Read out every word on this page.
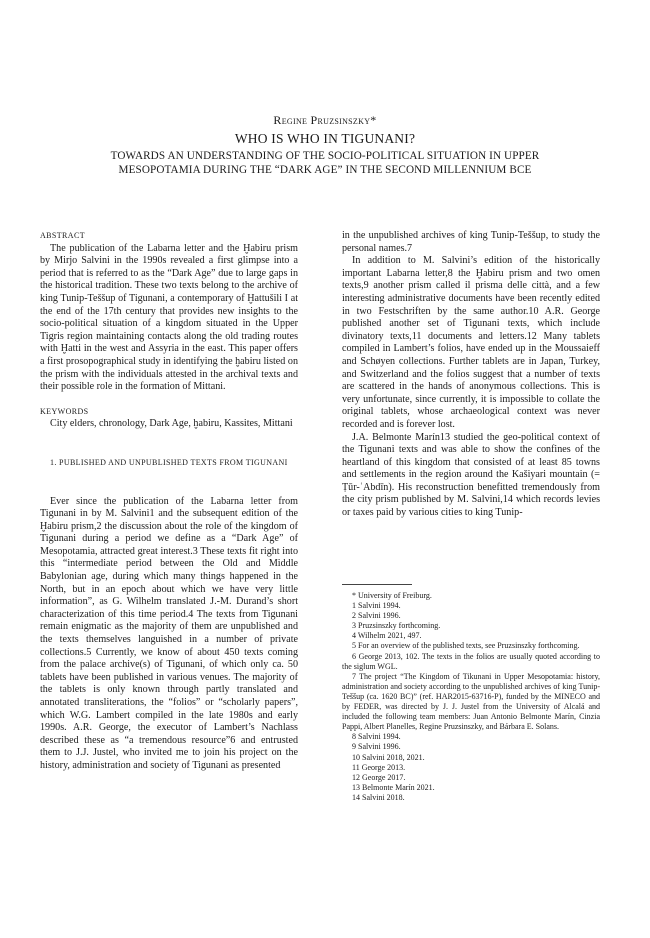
Regine Pruzsinszky*
WHO IS WHO IN TIGUNANI?
TOWARDS AN UNDERSTANDING OF THE SOCIO-POLITICAL SITUATION IN UPPER
MESOPOTAMIA DURING THE “DARK AGE” IN THE SECOND MILLENNIUM BCE
ABSTRACT

The publication of the Labarna letter and the Ḫabiru prism by Mirjo Salvini in the 1990s revealed a first glimpse into a period that is referred to as the “Dark Age” due to large gaps in the historical tradition. These two texts belong to the archive of king Tunip-Teššup of Tigunani, a contemporary of Ḫattušili I at the end of the 17th century that provides new insights to the socio-political situation of a kingdom situated in the Upper Tigris region maintaining contacts along the old trading routes with Ḫatti in the west and Assyria in the east. This paper offers a first prosopographical study in identifying the ḫabiru listed on the prism with the individuals attested in the archival texts and their possible role in the formation of Mittani.

KEYWORDS

City elders, chronology, Dark Age, ḫabiru, Kassites, Mittani

1. PUBLISHED AND UNPUBLISHED TEXTS FROM TIGUNANI

Ever since the publication of the Labarna letter from Tigunani in by M. Salvini1 and the subsequent edition of the Ḫabiru prism,2 the discussion about the role of the kingdom of Tigunani during a period we define as a “Dark Age” of Mesopotamia, attracted great interest.3 These texts fit right into this “intermediate period between the Old and Middle Babylonian age, during which many things happened in the North, but in an epoch about which we have very little information”, as G. Wilhelm translated J.-M. Durand’s short characterization of this time period.4 The texts from Tigunani remain enigmatic as the majority of them are unpublished and the texts themselves languished in a number of private collections.5 Currently, we know of about 450 texts coming from the palace archive(s) of Tigunani, of which only ca. 50 tablets have been published in various venues. The majority of the tablets is only known through partly translated and annotated transliterations, the “folios” or “scholarly papers”, which W.G. Lambert compiled in the late 1980s and early 1990s. A.R. George, the executor of Lambert’s Nachlass described these as “a tremendous resource”6 and entrusted them to J.J. Justel, who invited me to join his project on the history, administration and society of Tigunani as presented

in the unpublished archives of king Tunip-Teššup, to study the personal names.7

In addition to M. Salvini’s edition of the historically important Labarna letter,8 the Ḫabiru prism and two omen texts,9 another prism called il prisma delle città, and a few interesting administrative documents have been recently edited in two Festschriften by the same author.10 A.R. George published another set of Tigunani texts, which include divinatory texts,11 documents and letters.12 Many tablets compiled in Lambert’s folios, have ended up in the Moussaieff and Schøyen collections. Further tablets are in Japan, Turkey, and Switzerland and the folios suggest that a number of texts are scattered in the hands of anonymous collections. This is very unfortunate, since currently, it is impossible to collate the original tablets, whose archaeological context was never recorded and is forever lost.

J.A. Belmonte Marín13 studied the geo-political context of the Tigunani texts and was able to show the confines of the heartland of this kingdom that consisted of at least 85 towns and settlements in the region around the Kašiyari mountain (= Ṭūr-ʿAbdīn). His reconstruction benefitted tremendously from the city prism published by M. Salvini,14 which records levies or taxes paid by various cities to king Tunip-

* University of Freiburg.
1 Salvini 1994.
2 Salvini 1996.
3 Pruzsinszky forthcoming.
4 Wilhelm 2021, 497.
5 For an overview of the published texts, see Pruzsinszky forthcoming.
6 George 2013, 102. The texts in the folios are usually quoted according to the siglum WGL.
7 The project “The Kingdom of Tikunani in Upper Mesopotamia: history, administration and society according to the unpublished archives of king Tunip-Teššup (ca. 1620 BC)” (ref. HAR2015-63716-P), funded by the MINECO and by FEDER, was directed by J. J. Justel from the University of Alcalá and included the following team members: Juan Antonio Belmonte Marín, Cinzia Pappi, Albert Planelles, Regine Pruzsinszky, and Bárbara E. Solans.
8 Salvini 1994.
9 Salvini 1996.
10 Salvini 2018, 2021.
11 George 2013.
12 George 2017.
13 Belmonte Marín 2021.
14 Salvini 2018.
